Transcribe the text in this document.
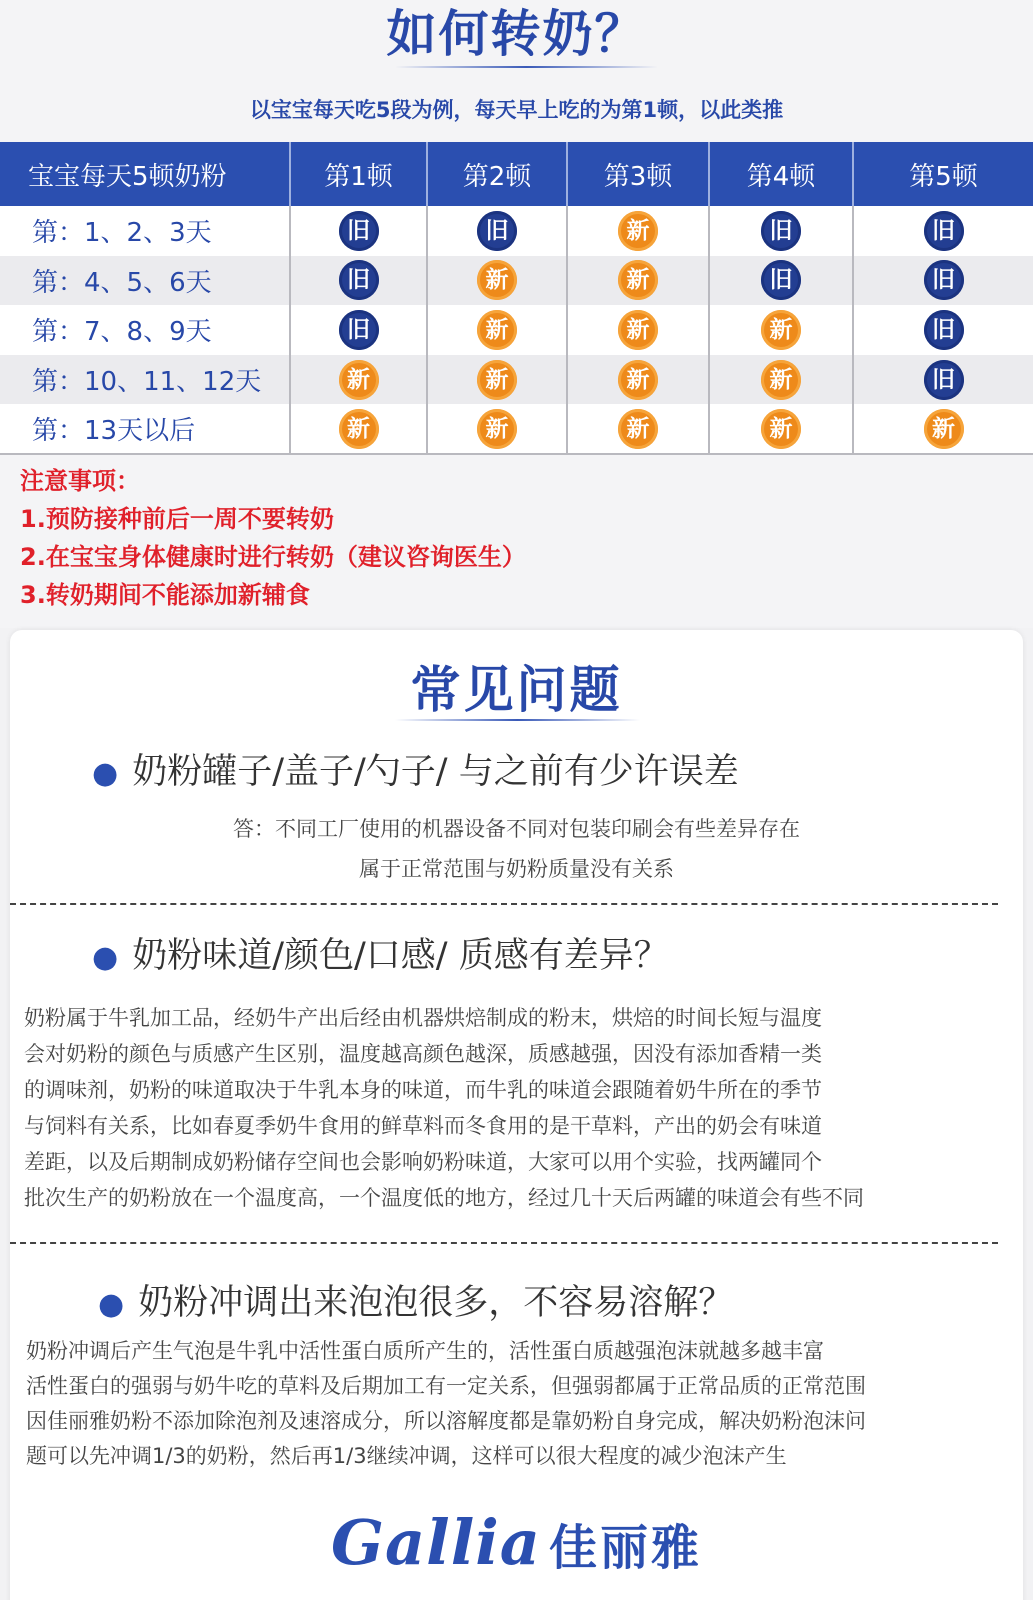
如何转奶？
以宝宝每天吃5段为例，每天早上吃的为第1顿，以此类推
宝宝每天5顿奶粉	第1顿	第2顿	第3顿	第4顿	第5顿
第：1、2、3天	旧	旧	新	旧	旧
第：4、5、6天	旧	新	新	旧	旧
第：7、8、9天	旧	新	新	新	旧
第：10、11、12天	新	新	新	新	旧
第：13天以后	新	新	新	新	新
注意事项：
1.预防接种前后一周不要转奶
2.在宝宝身体健康时进行转奶（建议咨询医生）
3.转奶期间不能添加新辅食
常见问题
● 奶粉罐子/盖子/勺子/ 与之前有少许误差
答：不同工厂使用的机器设备不同对包装印刷会有些差异存在
属于正常范围与奶粉质量没有关系
● 奶粉味道/颜色/口感/ 质感有差异？
奶粉属于牛乳加工品，经奶牛产出后经由机器烘焙制成的粉末，烘焙的时间长短与温度
会对奶粉的颜色与质感产生区别，温度越高颜色越深，质感越强，因没有添加香精一类
的调味剂，奶粉的味道取决于牛乳本身的味道，而牛乳的味道会跟随着奶牛所在的季节
与饲料有关系，比如春夏季奶牛食用的鲜草料而冬食用的是干草料，产出的奶会有味道
差距，以及后期制成奶粉储存空间也会影响奶粉味道，大家可以用个实验，找两罐同个
批次生产的奶粉放在一个温度高，一个温度低的地方，经过几十天后两罐的味道会有些不同
● 奶粉冲调出来泡泡很多，不容易溶解？
奶粉冲调后产生气泡是牛乳中活性蛋白质所产生的，活性蛋白质越强泡沫就越多越丰富
活性蛋白的强弱与奶牛吃的草料及后期加工有一定关系，但强弱都属于正常品质的正常范围
因佳丽雅奶粉不添加除泡剂及速溶成分，所以溶解度都是靠奶粉自身完成，解决奶粉泡沫问
题可以先冲调1/3的奶粉，然后再1/3继续冲调，这样可以很大程度的减少泡沫产生
Gallia 佳丽雅
